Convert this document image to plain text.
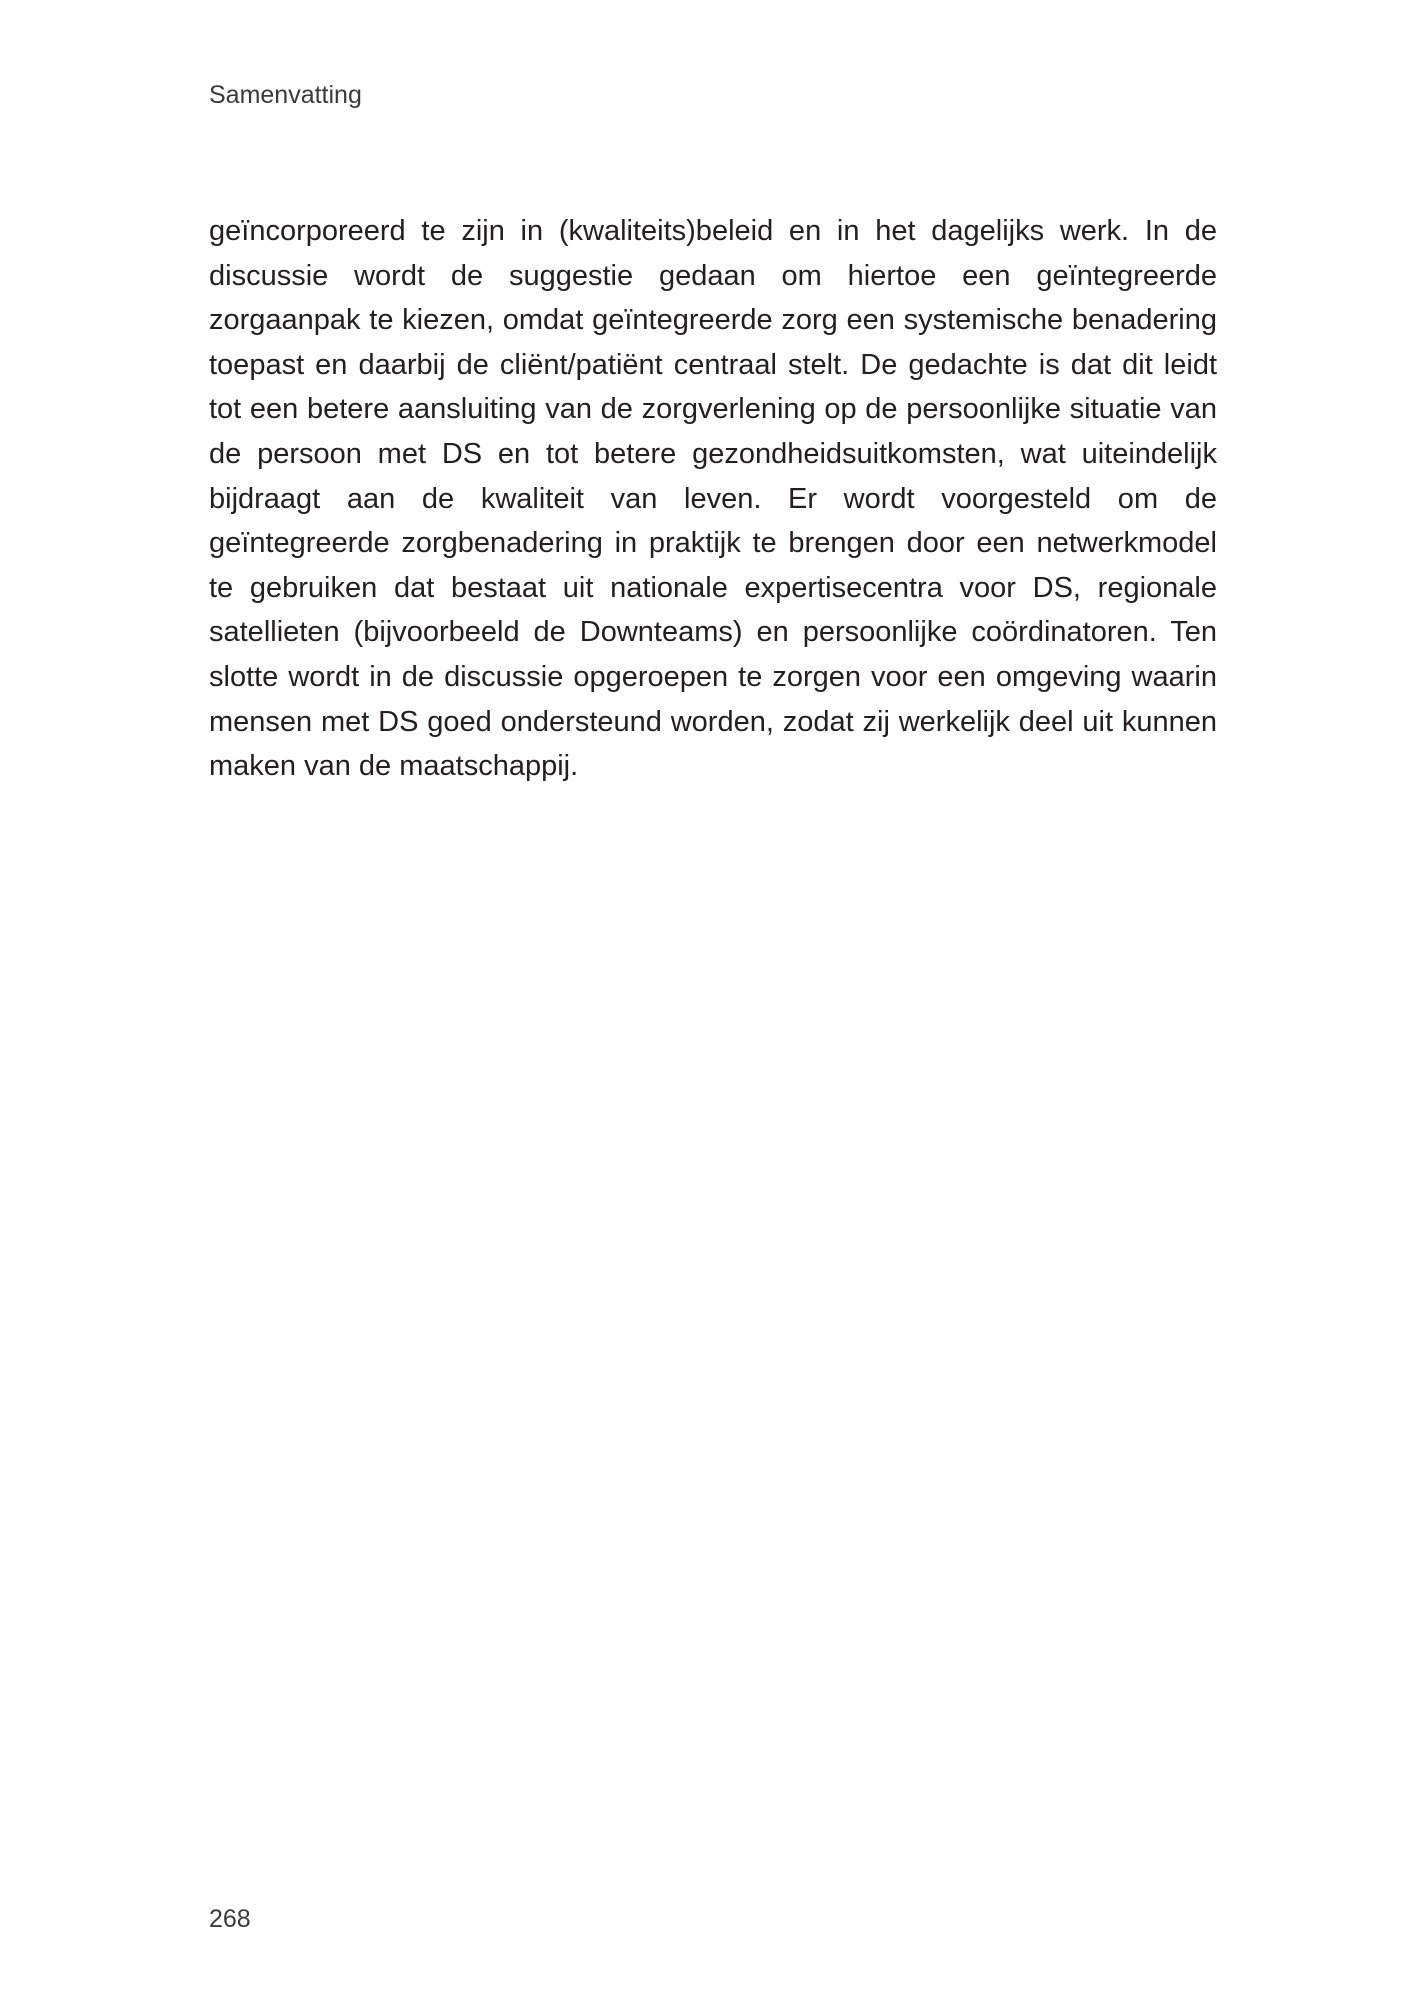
Samenvatting

geïncorporeerd te zijn in (kwaliteits)beleid en in het dagelijks werk. In de discussie wordt de suggestie gedaan om hiertoe een geïntegreerde zorgaanpak te kiezen, omdat geïntegreerde zorg een systemische benadering toepast en daarbij de cliënt/patiënt centraal stelt. De gedachte is dat dit leidt tot een betere aansluiting van de zorgverlening op de persoonlijke situatie van de persoon met DS en tot betere gezondheidsuitkomsten, wat uiteindelijk bijdraagt aan de kwaliteit van leven. Er wordt voorgesteld om de geïntegreerde zorgbenadering in praktijk te brengen door een netwerkmodel te gebruiken dat bestaat uit nationale expertisecentra voor DS, regionale satellieten (bijvoorbeeld de Downteams) en persoonlijke coördinatoren. Ten slotte wordt in de discussie opgeroepen te zorgen voor een omgeving waarin mensen met DS goed ondersteund worden, zodat zij werkelijk deel uit kunnen maken van de maatschappij.

268
